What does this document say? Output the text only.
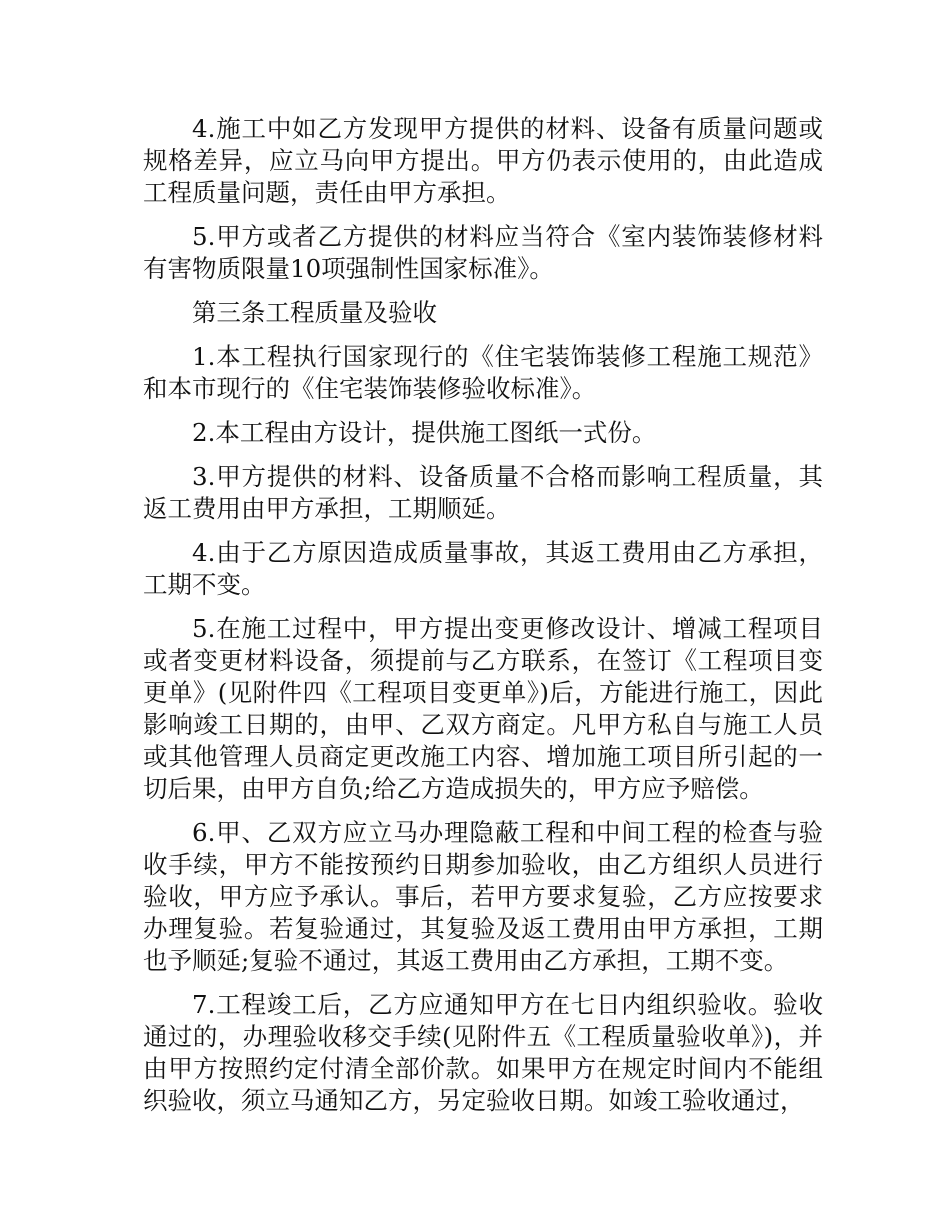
4.施工中如乙方发现甲方提供的材料、设备有质量问题或规格差异，应立马向甲方提出。甲方仍表示使用的，由此造成工程质量问题，责任由甲方承担。

5.甲方或者乙方提供的材料应当符合《室内装饰装修材料有害物质限量10项强制性国家标准》。

第三条工程质量及验收

1.本工程执行国家现行的《住宅装饰装修工程施工规范》和本市现行的《住宅装饰装修验收标准》。

2.本工程由方设计，提供施工图纸一式份。

3.甲方提供的材料、设备质量不合格而影响工程质量，其返工费用由甲方承担，工期顺延。

4.由于乙方原因造成质量事故，其返工费用由乙方承担，工期不变。

5.在施工过程中，甲方提出变更修改设计、增减工程项目或者变更材料设备，须提前与乙方联系，在签订《工程项目变更单》(见附件四《工程项目变更单》)后，方能进行施工，因此影响竣工日期的，由甲、乙双方商定。凡甲方私自与施工人员或其他管理人员商定更改施工内容、增加施工项目所引起的一切后果，由甲方自负;给乙方造成损失的，甲方应予赔偿。

6.甲、乙双方应立马办理隐蔽工程和中间工程的检查与验收手续，甲方不能按预约日期参加验收，由乙方组织人员进行验收，甲方应予承认。事后，若甲方要求复验，乙方应按要求办理复验。若复验通过，其复验及返工费用由甲方承担，工期也予顺延;复验不通过，其返工费用由乙方承担，工期不变。

7.工程竣工后，乙方应通知甲方在七日内组织验收。验收通过的，办理验收移交手续(见附件五《工程质量验收单》)，并由甲方按照约定付清全部价款。如果甲方在规定时间内不能组织验收，须立马通知乙方，另定验收日期。如竣工验收通过，
